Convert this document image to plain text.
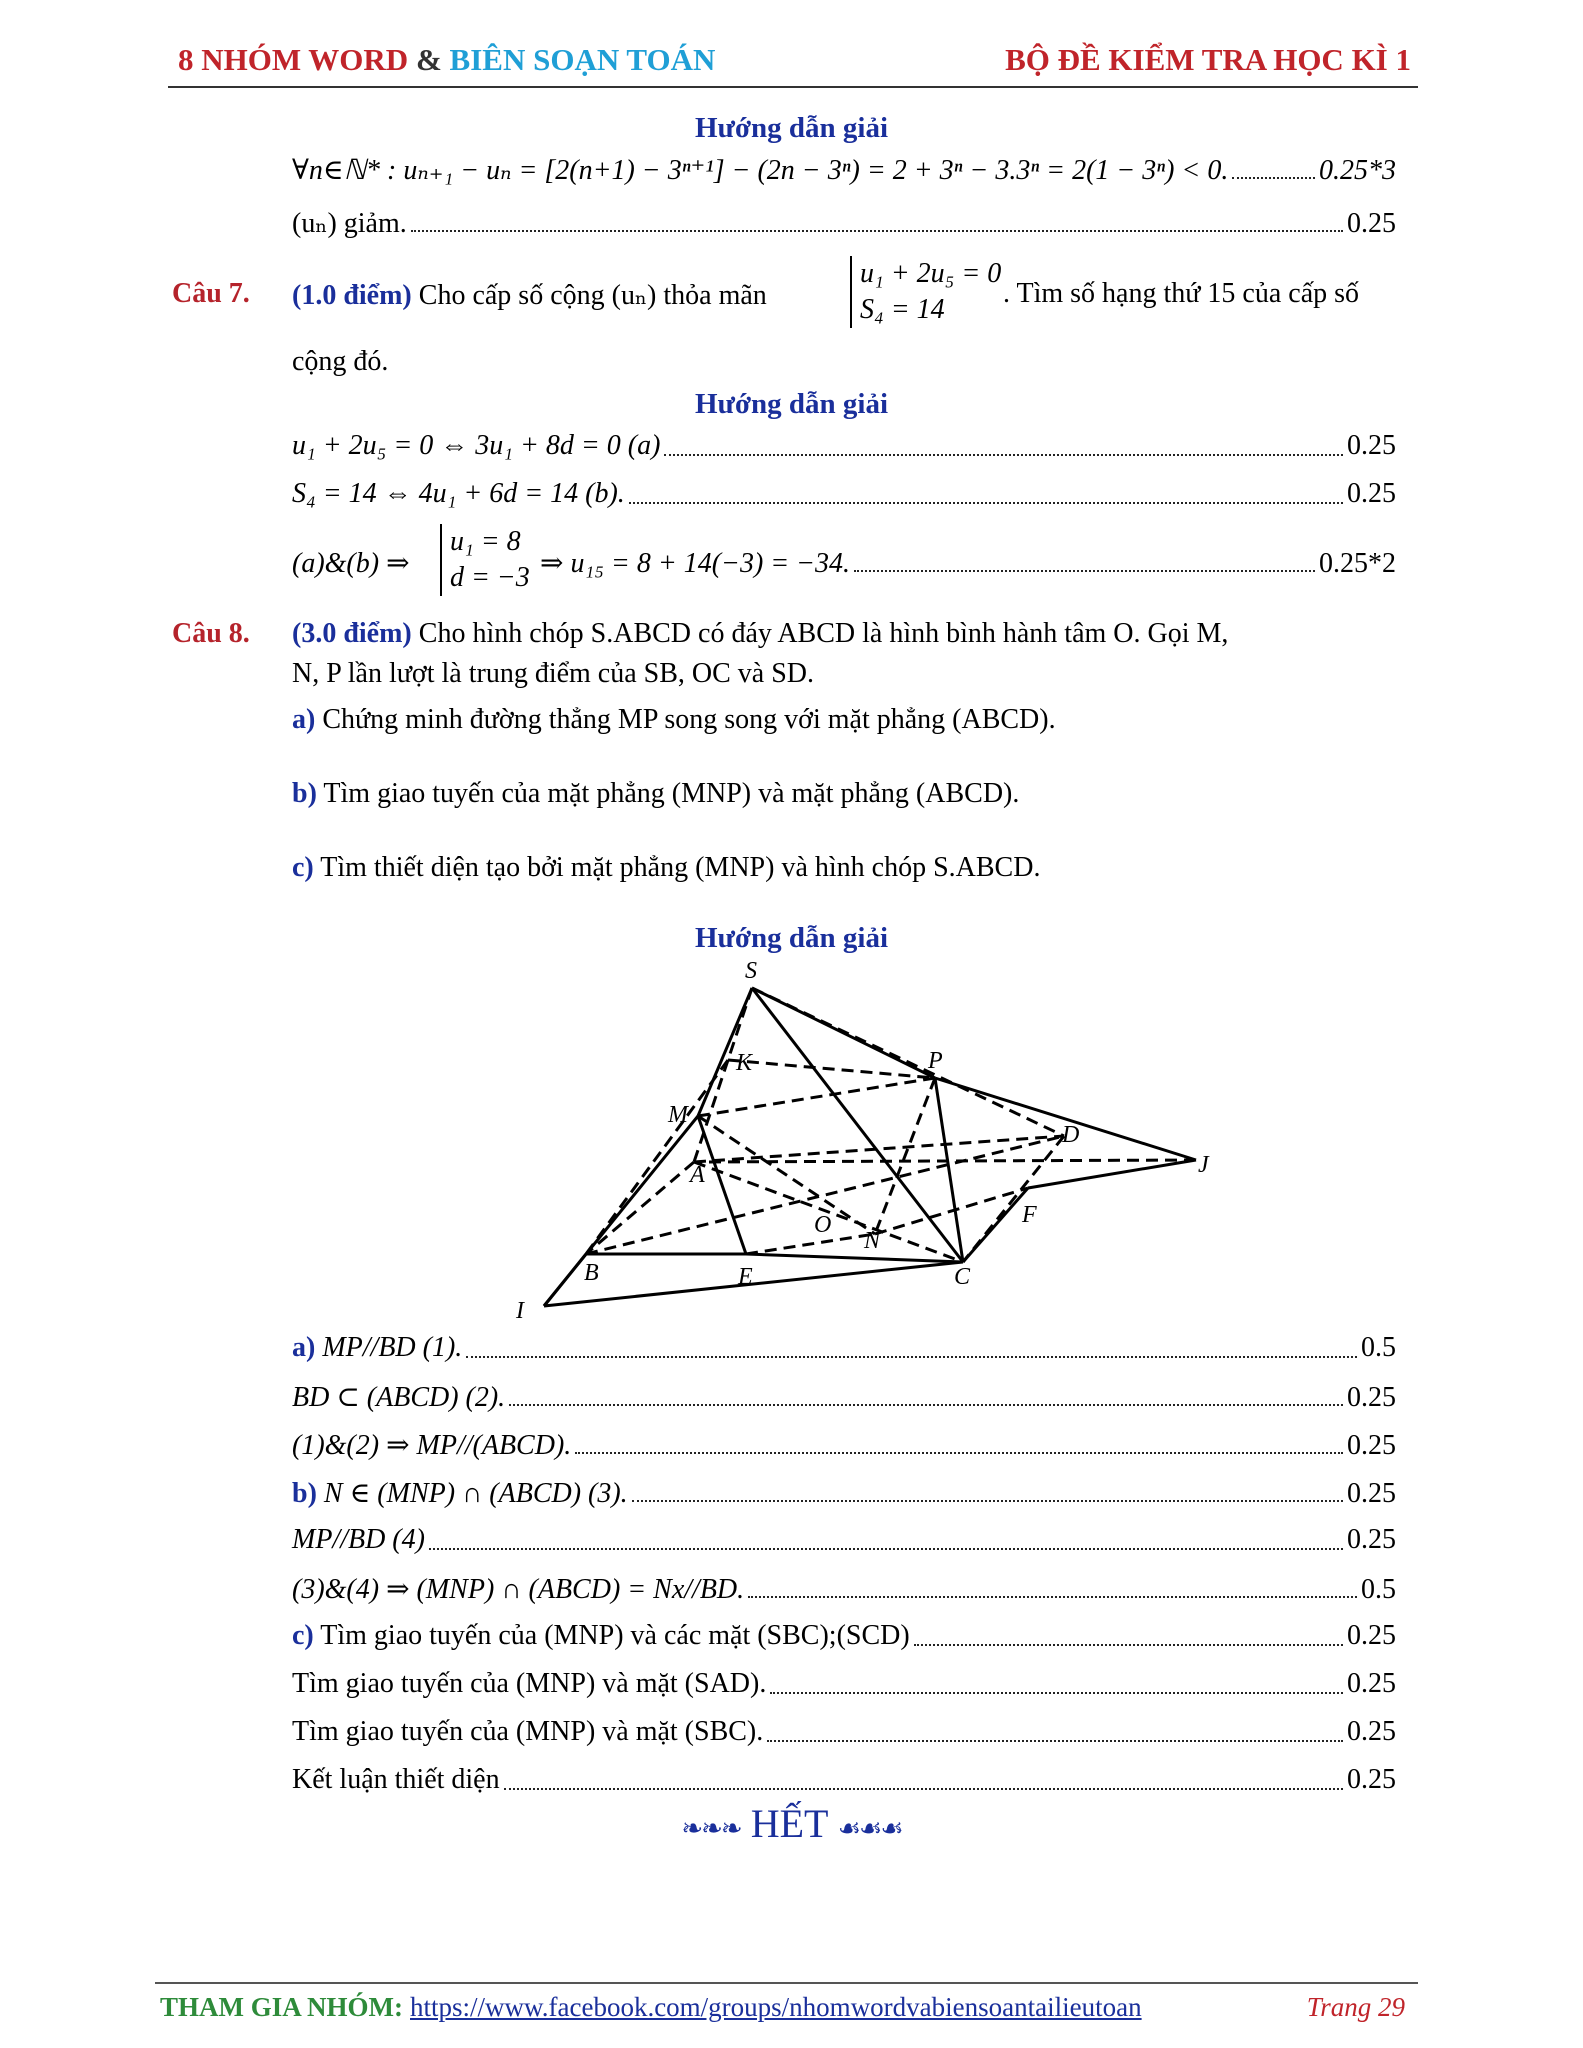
8 NHÓM WORD & BIÊN SOẠN TOÁN	BỘ ĐỀ KIỂM TRA HỌC KÌ 1
Hướng dẫn giải
∀n∈ℕ* : uₙ₊₁ − uₙ = [2(n+1) − 3ⁿ⁺¹] − (2n − 3ⁿ) = 2 + 3ⁿ − 3.3ⁿ = 2(1 − 3ⁿ) < 0.	0.25*3
(uₙ) giảm.	0.25
Câu 7. (1.0 điểm) Cho cấp số cộng (uₙ) thỏa mãn
u₁ + 2u₅ = 0
S₄ = 14
. Tìm số hạng thứ 15 của cấp số
cộng đó.
Hướng dẫn giải
u₁ + 2u₅ = 0 ⇔ 3u₁ + 8d = 0 (a)	0.25
S₄ = 14 ⇔ 4u₁ + 6d = 14 (b).	0.25
(a)&(b) ⇒
u₁ = 8
d = −3 ⇒ u₁₅ = 8 + 14(−3) = −34.	0.25*2
Câu 8. (3.0 điểm) Cho hình chóp S.ABCD có đáy ABCD là hình bình hành tâm O. Gọi M,
N, P lần lượt là trung điểm của SB, OC và SD.
a) Chứng minh đường thẳng MP song song với mặt phẳng (ABCD).
b) Tìm giao tuyến của mặt phẳng (MNP) và mặt phẳng (ABCD).
c) Tìm thiết diện tạo bởi mặt phẳng (MNP) và hình chóp S.ABCD.
Hướng dẫn giải
S
K	P
M
D
J
A
F
O
N
B	E	C
I
a) MP//BD (1).	0.5
BD ⊂ (ABCD) (2).	0.25
(1)&(2) ⇒ MP//(ABCD).	0.25
b) N ∈ (MNP) ∩ (ABCD) (3).	0.25
MP//BD (4)	0.25
(3)&(4) ⇒ (MNP) ∩ (ABCD) = Nx//BD.	0.5
c) Tìm giao tuyến của (MNP) và các mặt (SBC);(SCD)	0.25
Tìm giao tuyến của (MNP) và mặt (SAD).	0.25
Tìm giao tuyến của (MNP) và mặt (SBC).	0.25
Kết luận thiết diện	0.25
❧❧❧ HẾT ☙☙☙
THAM GIA NHÓM: https://www.facebook.com/groups/nhomwordvabiensoantailieutoan	Trang 29
